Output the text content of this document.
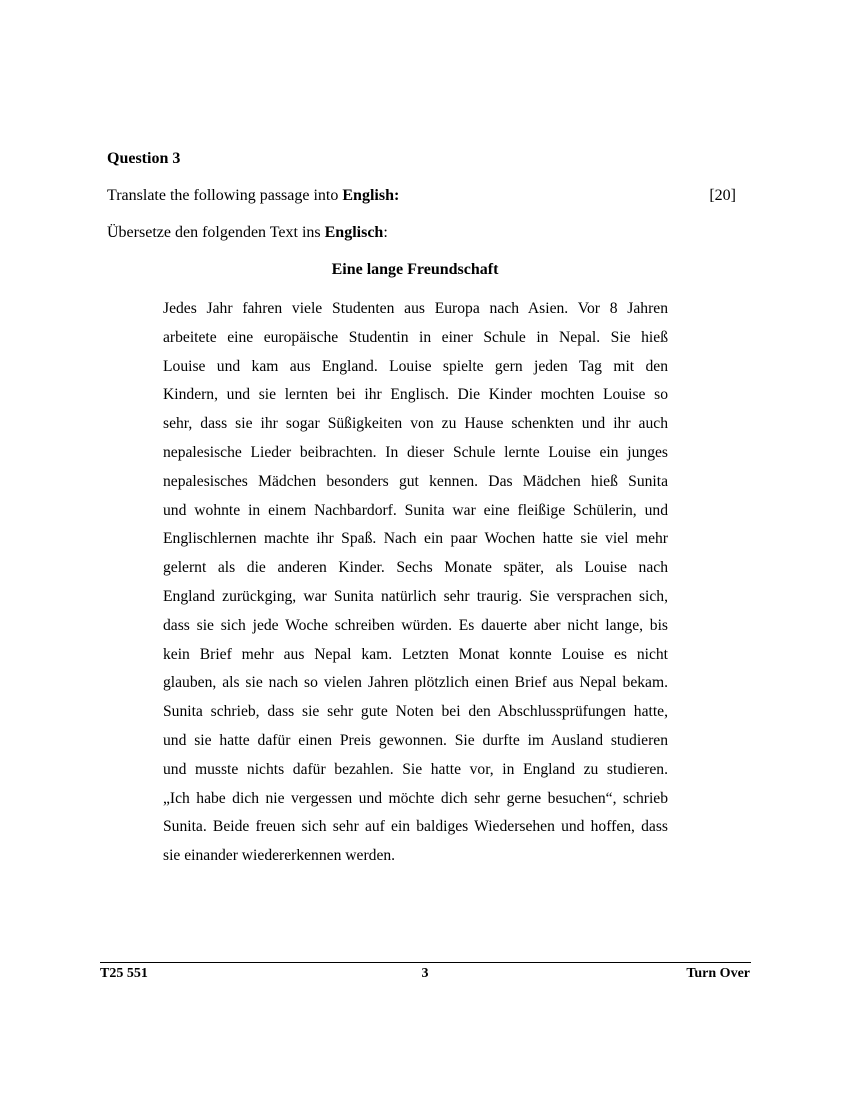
Question 3
Translate the following passage into English:	[20]
Übersetze den folgenden Text ins Englisch:
Eine lange Freundschaft
Jedes Jahr fahren viele Studenten aus Europa nach Asien. Vor 8 Jahren
arbeitete eine europäische Studentin in einer Schule in Nepal. Sie hieß
Louise und kam aus England. Louise spielte gern jeden Tag mit den
Kindern, und sie lernten bei ihr Englisch. Die Kinder mochten Louise so
sehr, dass sie ihr sogar Süßigkeiten von zu Hause schenkten und ihr auch
nepalesische Lieder beibrachten. In dieser Schule lernte Louise ein junges
nepalesisches Mädchen besonders gut kennen. Das Mädchen hieß Sunita
und wohnte in einem Nachbardorf. Sunita war eine fleißige Schülerin, und
Englischlernen machte ihr Spaß. Nach ein paar Wochen hatte sie viel mehr
gelernt als die anderen Kinder. Sechs Monate später, als Louise nach
England zurückging, war Sunita natürlich sehr traurig. Sie versprachen sich,
dass sie sich jede Woche schreiben würden. Es dauerte aber nicht lange, bis
kein Brief mehr aus Nepal kam. Letzten Monat konnte Louise es nicht
glauben, als sie nach so vielen Jahren plötzlich einen Brief aus Nepal bekam.
Sunita schrieb, dass sie sehr gute Noten bei den Abschlussprüfungen hatte,
und sie hatte dafür einen Preis gewonnen. Sie durfte im Ausland studieren
und musste nichts dafür bezahlen. Sie hatte vor, in England zu studieren.
„Ich habe dich nie vergessen und möchte dich sehr gerne besuchen“, schrieb
Sunita. Beide freuen sich sehr auf ein baldiges Wiedersehen und hoffen, dass
sie einander wiedererkennen werden.
T25 551	3	Turn Over
